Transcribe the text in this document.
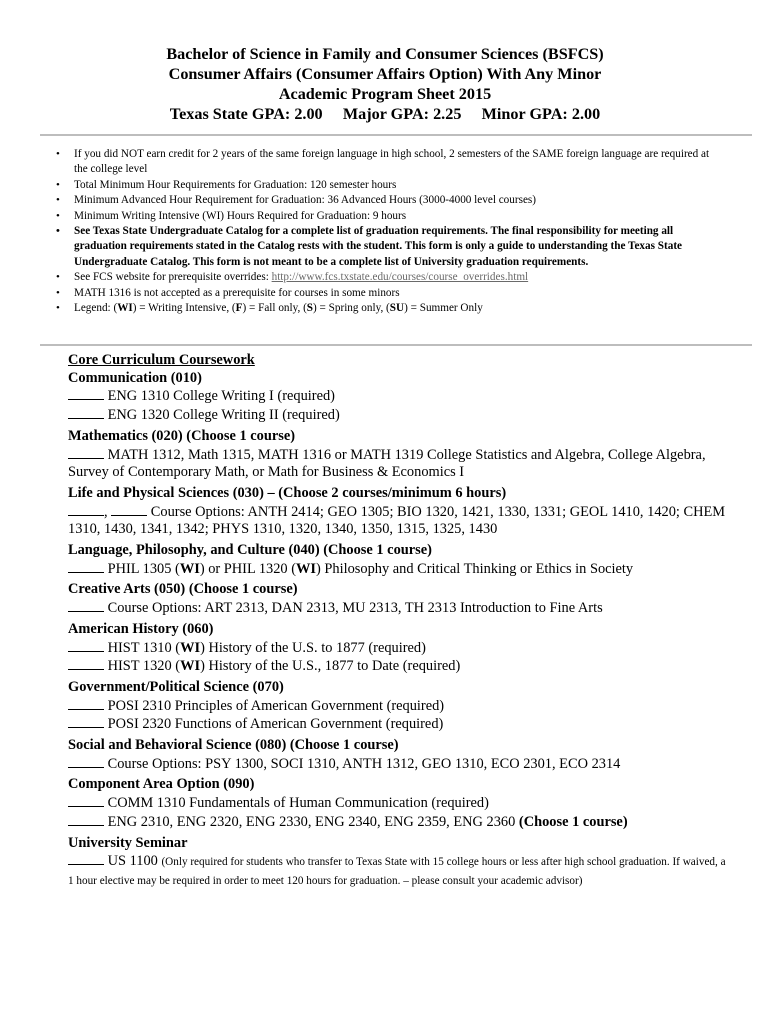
Bachelor of Science in Family and Consumer Sciences (BSFCS)
Consumer Affairs (Consumer Affairs Option) With Any Minor
Academic Program Sheet 2015
Texas State GPA: 2.00     Major GPA: 2.25     Minor GPA: 2.00
• If you did NOT earn credit for 2 years of the same foreign language in high school, 2 semesters of the SAME foreign language are required at the college level
• Total Minimum Hour Requirements for Graduation: 120 semester hours
• Minimum Advanced Hour Requirement for Graduation: 36 Advanced Hours (3000-4000 level courses)
• Minimum Writing Intensive (WI) Hours Required for Graduation: 9 hours
• See Texas State Undergraduate Catalog for a complete list of graduation requirements. The final responsibility for meeting all graduation requirements stated in the Catalog rests with the student. This form is only a guide to understanding the Texas State Undergraduate Catalog. This form is not meant to be a complete list of University graduation requirements.
• See FCS website for prerequisite overrides: http://www.fcs.txstate.edu/courses/course_overrides.html
• MATH 1316 is not accepted as a prerequisite for courses in some minors
• Legend: (WI) = Writing Intensive, (F) = Fall only, (S) = Spring only, (SU) = Summer Only

Core Curriculum Coursework

Communication (010)

ENG 1310 College Writing I (required)

ENG 1320 College Writing II (required)

Mathematics (020) (Choose 1 course)

MATH 1312, Math 1315, MATH 1316 or MATH 1319 College Statistics and Algebra, College Algebra, Survey of Contemporary Math, or Math for Business & Economics I

Life and Physical Sciences (030) – (Choose 2 courses/minimum 6 hours)

,	Course Options: ANTH 2414; GEO 1305; BIO 1320, 1421, 1330, 1331; GEOL 1410, 1420; CHEM 1310, 1430, 1341, 1342; PHYS 1310, 1320, 1340, 1350, 1315, 1325, 1430

Language, Philosophy, and Culture (040) (Choose 1 course)

PHIL 1305 (WI) or PHIL 1320 (WI) Philosophy and Critical Thinking or Ethics in Society

Creative Arts (050) (Choose 1 course)

Course Options: ART 2313, DAN 2313, MU 2313, TH 2313 Introduction to Fine Arts

American History (060)

HIST 1310 (WI) History of the U.S. to 1877 (required)

HIST 1320 (WI) History of the U.S., 1877 to Date (required)

Government/Political Science (070)

POSI 2310 Principles of American Government (required)

POSI 2320 Functions of American Government (required)

Social and Behavioral Science (080) (Choose 1 course)

Course Options: PSY 1300, SOCI 1310, ANTH 1312, GEO 1310, ECO 2301, ECO 2314

Component Area Option (090)

COMM 1310 Fundamentals of Human Communication (required)

ENG 2310, ENG 2320, ENG 2330, ENG 2340, ENG 2359, ENG 2360 (Choose 1 course)

University Seminar

US 1100 (Only required for students who transfer to Texas State with 15 college hours or less after high school graduation. If waived, a 1 hour elective may be required in order to meet 120 hours for graduation. – please consult your academic advisor)
